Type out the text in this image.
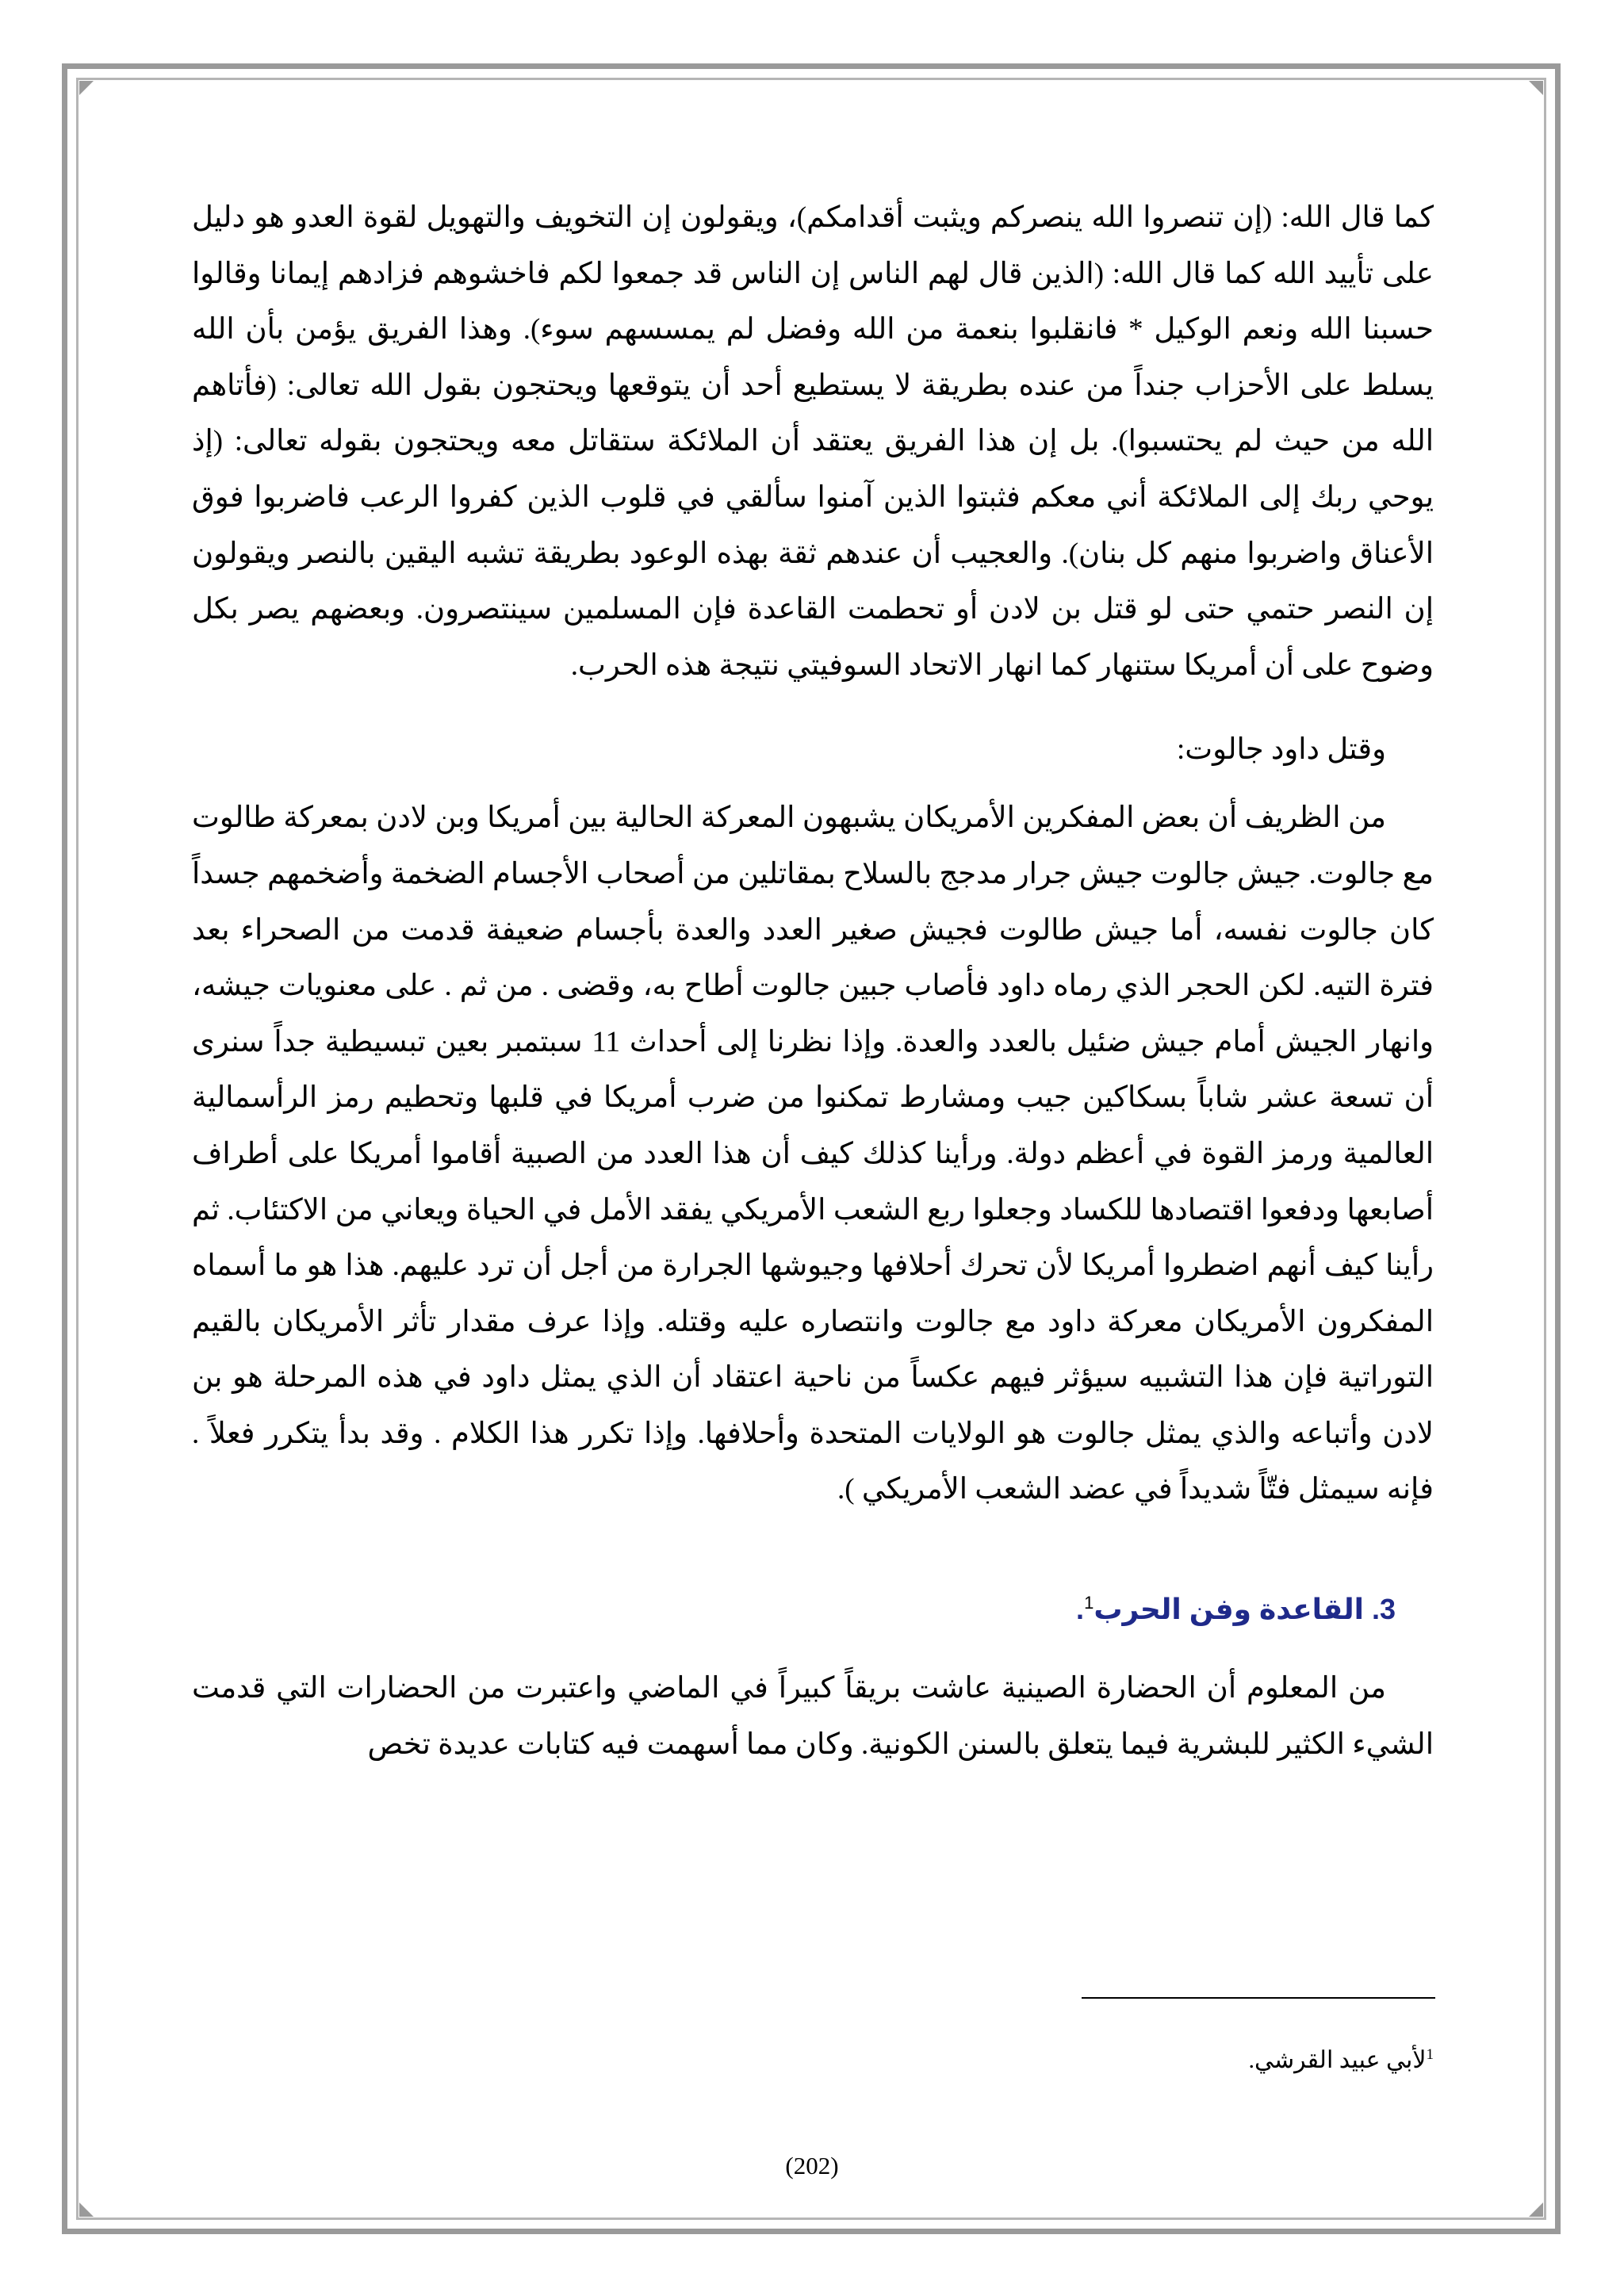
كما قال الله: (إن تنصروا الله ينصركم ويثبت أقدامكم)، ويقولون إن التخويف والتهويل لقوة العدو هو دليل على تأييد الله كما قال الله: (الذين قال لهم الناس إن الناس قد جمعوا لكم فاخشوهم فزادهم إيمانا وقالوا حسبنا الله ونعم الوكيل * فانقلبوا بنعمة من الله وفضل لم يمسسهم سوء). وهذا الفريق يؤمن بأن الله يسلط على الأحزاب جنداً من عنده بطريقة لا يستطيع أحد أن يتوقعها ويحتجون بقول الله تعالى: (فأتاهم الله من حيث لم يحتسبوا). بل إن هذا الفريق يعتقد أن الملائكة ستقاتل معه ويحتجون بقوله تعالى: (إذ يوحي ربك إلى الملائكة أني معكم فثبتوا الذين آمنوا سألقي في قلوب الذين كفروا الرعب فاضربوا فوق الأعناق واضربوا منهم كل بنان). والعجيب أن عندهم ثقة بهذه الوعود بطريقة تشبه اليقين بالنصر ويقولون إن النصر حتمي حتى لو قتل بن لادن أو تحطمت القاعدة فإن المسلمين سينتصرون. وبعضهم يصر بكل وضوح على أن أمريكا ستنهار كما انهار الاتحاد السوفيتي نتيجة هذه الحرب.

وقتل داود جالوت:

من الظريف أن بعض المفكرين الأمريكان يشبهون المعركة الحالية بين أمريكا وبن لادن بمعركة طالوت مع جالوت. جيش جالوت جيش جرار مدجج بالسلاح بمقاتلين من أصحاب الأجسام الضخمة وأضخمهم جسداً كان جالوت نفسه، أما جيش طالوت فجيش صغير العدد والعدة بأجسام ضعيفة قدمت من الصحراء بعد فترة التيه. لكن الحجر الذي رماه داود فأصاب جبين جالوت أطاح به، وقضى . من ثم . على معنويات جيشه، وانهار الجيش أمام جيش ضئيل بالعدد والعدة. وإذا نظرنا إلى أحداث 11 سبتمبر بعين تبسيطية جداً سنرى أن تسعة عشر شاباً بسكاكين جيب ومشارط تمكنوا من ضرب أمريكا في قلبها وتحطيم رمز الرأسمالية العالمية ورمز القوة في أعظم دولة. ورأينا كذلك كيف أن هذا العدد من الصبية أقاموا أمريكا على أطراف أصابعها ودفعوا اقتصادها للكساد وجعلوا ربع الشعب الأمريكي يفقد الأمل في الحياة ويعاني من الاكتئاب. ثم رأينا كيف أنهم اضطروا أمريكا لأن تحرك أحلافها وجيوشها الجرارة من أجل أن ترد عليهم. هذا هو ما أسماه المفكرون الأمريكان معركة داود مع جالوت وانتصاره عليه وقتله. وإذا عرف مقدار تأثر الأمريكان بالقيم التوراتية فإن هذا التشبيه سيؤثر فيهم عكساً من ناحية اعتقاد أن الذي يمثل داود في هذه المرحلة هو بن لادن وأتباعه والذي يمثل جالوت هو الولايات المتحدة وأحلافها. وإذا تكرر هذا الكلام . وقد بدأ يتكرر فعلاً . فإنه سيمثل فتّاً شديداً في عضد الشعب الأمريكي ).

3. القاعدة وفن الحرب$^1$.

من المعلوم أن الحضارة الصينية عاشت بريقاً كبيراً في الماضي واعتبرت من الحضارات التي قدمت الشيء الكثير للبشرية فيما يتعلق بالسنن الكونية. وكان مما أسهمت فيه كتابات عديدة تخص

$^1$لأبي عبيد القرشي.
(202)
